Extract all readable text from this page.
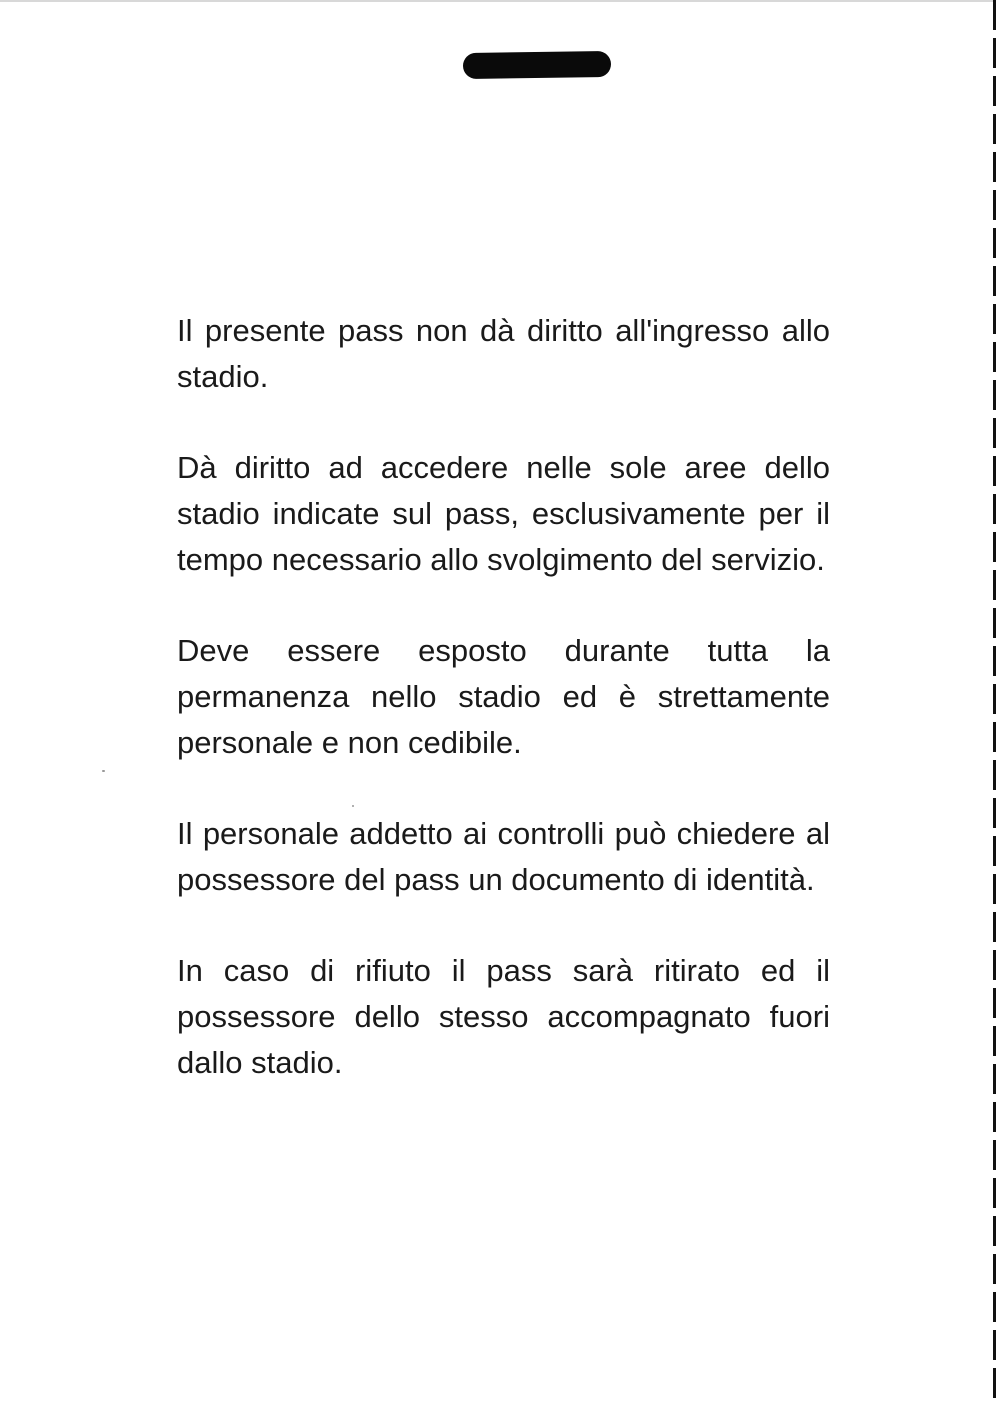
Il presente pass non dà diritto all'ingresso allo stadio.

Dà diritto ad accedere nelle sole aree dello stadio indicate sul pass, esclusivamente per il tempo necessario allo svolgimento del servizio.

Deve essere esposto durante tutta la permanenza nello stadio ed è strettamente personale e non cedibile.

Il personale addetto ai controlli può chiedere al possessore del pass un documento di identità.

In caso di rifiuto il pass sarà ritirato ed il possessore dello stesso accompagnato fuori dallo stadio.
